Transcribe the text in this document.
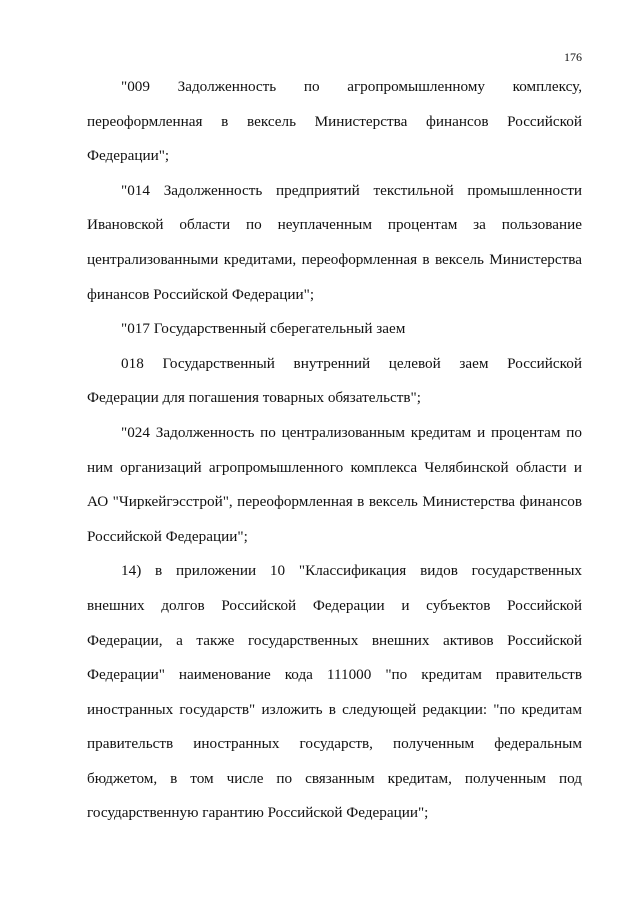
176

"009 Задолженность по агропромышленному комплексу, переоформленная в вексель Министерства финансов Российской Федерации";

"014 Задолженность предприятий текстильной промышленности Ивановской области по неуплаченным процентам за пользование централизованными кредитами, переоформленная в вексель Министерства финансов Российской Федерации";

"017 Государственный сберегательный заем

018 Государственный внутренний целевой заем Российской Федерации для погашения товарных обязательств";

"024 Задолженность по централизованным кредитам и процентам по ним организаций агропромышленного комплекса Челябинской области и АО "Чиркейгэсстрой", переоформленная в вексель Министерства финансов Российской Федерации";

14) в приложении 10 "Классификация видов государственных внешних долгов Российской Федерации и субъектов Российской Федерации, а также государственных внешних активов Российской Федерации" наименование кода 111000 "по кредитам правительств иностранных государств" изложить в следующей редакции: "по кредитам правительств иностранных государств, полученным федеральным бюджетом, в том числе по связанным кредитам, полученным под государственную гарантию Российской Федерации";
